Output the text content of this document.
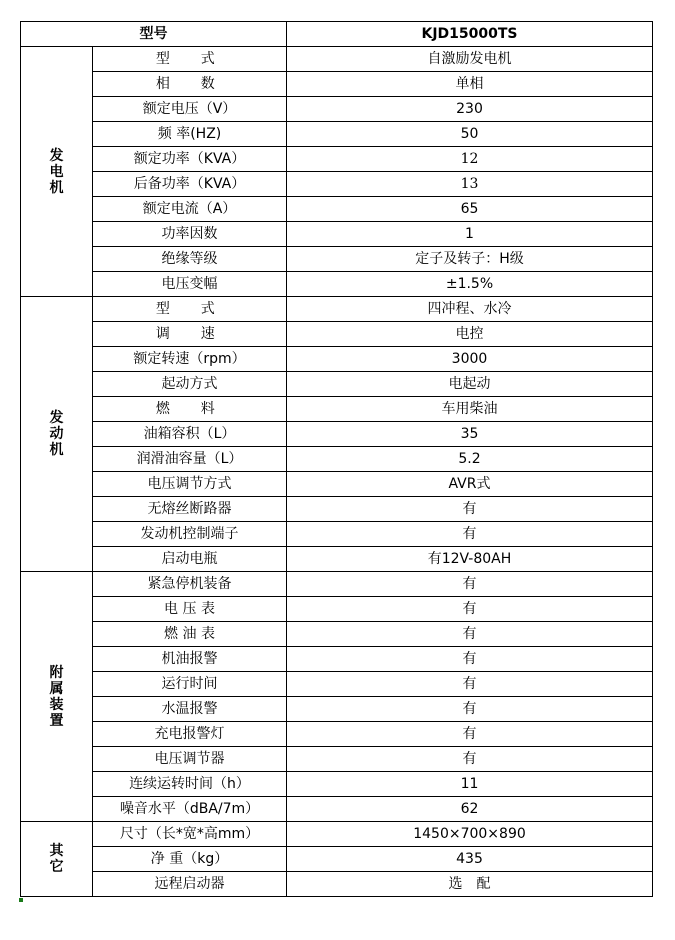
型号		KJD15000TS
发电机	型　式	自激励发电机
	相　数	单相
	额定电压（V）	230
	频 率(HZ)	50
	额定功率（KVA）	12
	后备功率（KVA）	13
	额定电流（A）	65
	功率因数	1
	绝缘等级	定子及转子：H级
	电压变幅	±1.5%
发动机	型　式	四冲程、水冷
	调　速	电控
	额定转速（rpm）	3000
	起动方式	电起动
	燃　料	车用柴油
	油箱容积（L）	35
	润滑油容量（L）	5.2
	电压调节方式	AVR式
	无熔丝断路器	有
	发动机控制端子	有
	启动电瓶	有12V-80AH
附属装置	紧急停机装备	有
	电 压 表	有
	燃 油 表	有
	机油报警	有
	运行时间	有
	水温报警	有
	充电报警灯	有
	电压调节器	有
	连续运转时间（h）	11
	噪音水平（dBA/7m）	62
其它	尺寸（长*宽*高mm）	1450×700×890
	净 重（kg）	435
	远程启动器	选　配
